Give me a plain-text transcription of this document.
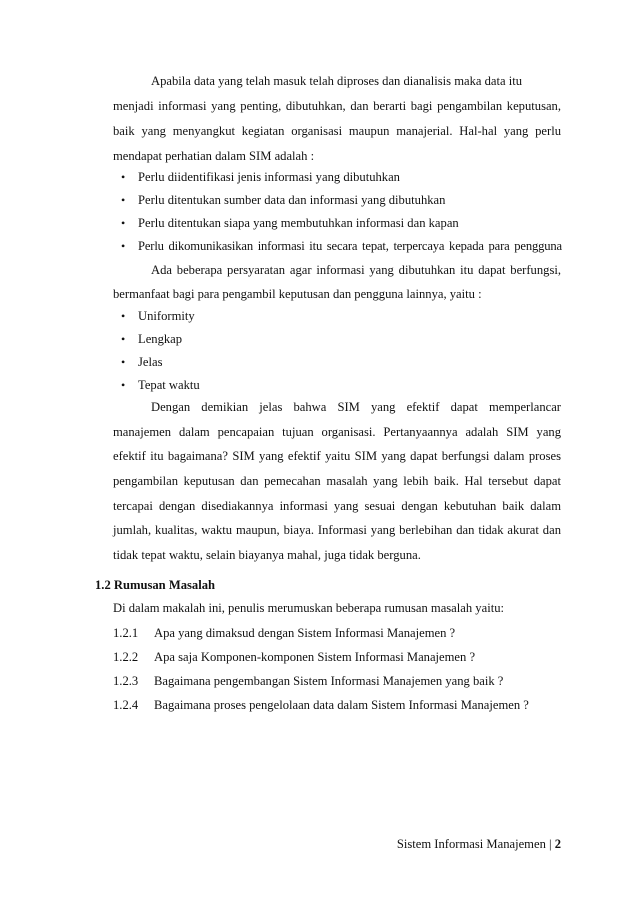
Apabila data yang telah masuk telah diproses dan dianalisis maka data itu
menjadi informasi yang penting, dibutuhkan, dan berarti bagi pengambilan keputusan,
baik yang menyangkut kegiatan organisasi maupun manajerial. Hal-hal yang perlu
mendapat perhatian dalam SIM adalah :
• Perlu diidentifikasi jenis informasi yang dibutuhkan
• Perlu ditentukan sumber data dan informasi yang dibutuhkan
• Perlu ditentukan siapa yang membutuhkan informasi dan kapan
• Perlu dikomunikasikan informasi itu secara tepat, terpercaya kepada para pengguna
Ada beberapa persyaratan agar informasi yang dibutuhkan itu dapat berfungsi,
bermanfaat bagi para pengambil keputusan dan pengguna lainnya, yaitu :
• Uniformity
• Lengkap
• Jelas
• Tepat waktu
Dengan demikian jelas bahwa SIM yang efektif dapat memperlancar
manajemen dalam pencapaian tujuan organisasi. Pertanyaannya adalah SIM yang
efektif itu bagaimana? SIM yang efektif yaitu SIM yang dapat berfungsi dalam proses
pengambilan keputusan dan pemecahan masalah yang lebih baik. Hal tersebut dapat
tercapai dengan disediakannya informasi yang sesuai dengan kebutuhan baik dalam
jumlah, kualitas, waktu maupun, biaya. Informasi yang berlebihan dan tidak akurat dan
tidak tepat waktu, selain biayanya mahal, juga tidak berguna.
1.2 Rumusan Masalah
Di dalam makalah ini, penulis merumuskan beberapa rumusan masalah yaitu:
1.2.1 Apa yang dimaksud dengan Sistem Informasi Manajemen ?
1.2.2 Apa saja Komponen-komponen Sistem Informasi Manajemen ?
1.2.3 Bagaimana pengembangan Sistem Informasi Manajemen yang baik ?
1.2.4 Bagaimana proses pengelolaan data dalam Sistem Informasi Manajemen ?
Sistem Informasi Manajemen | 2
